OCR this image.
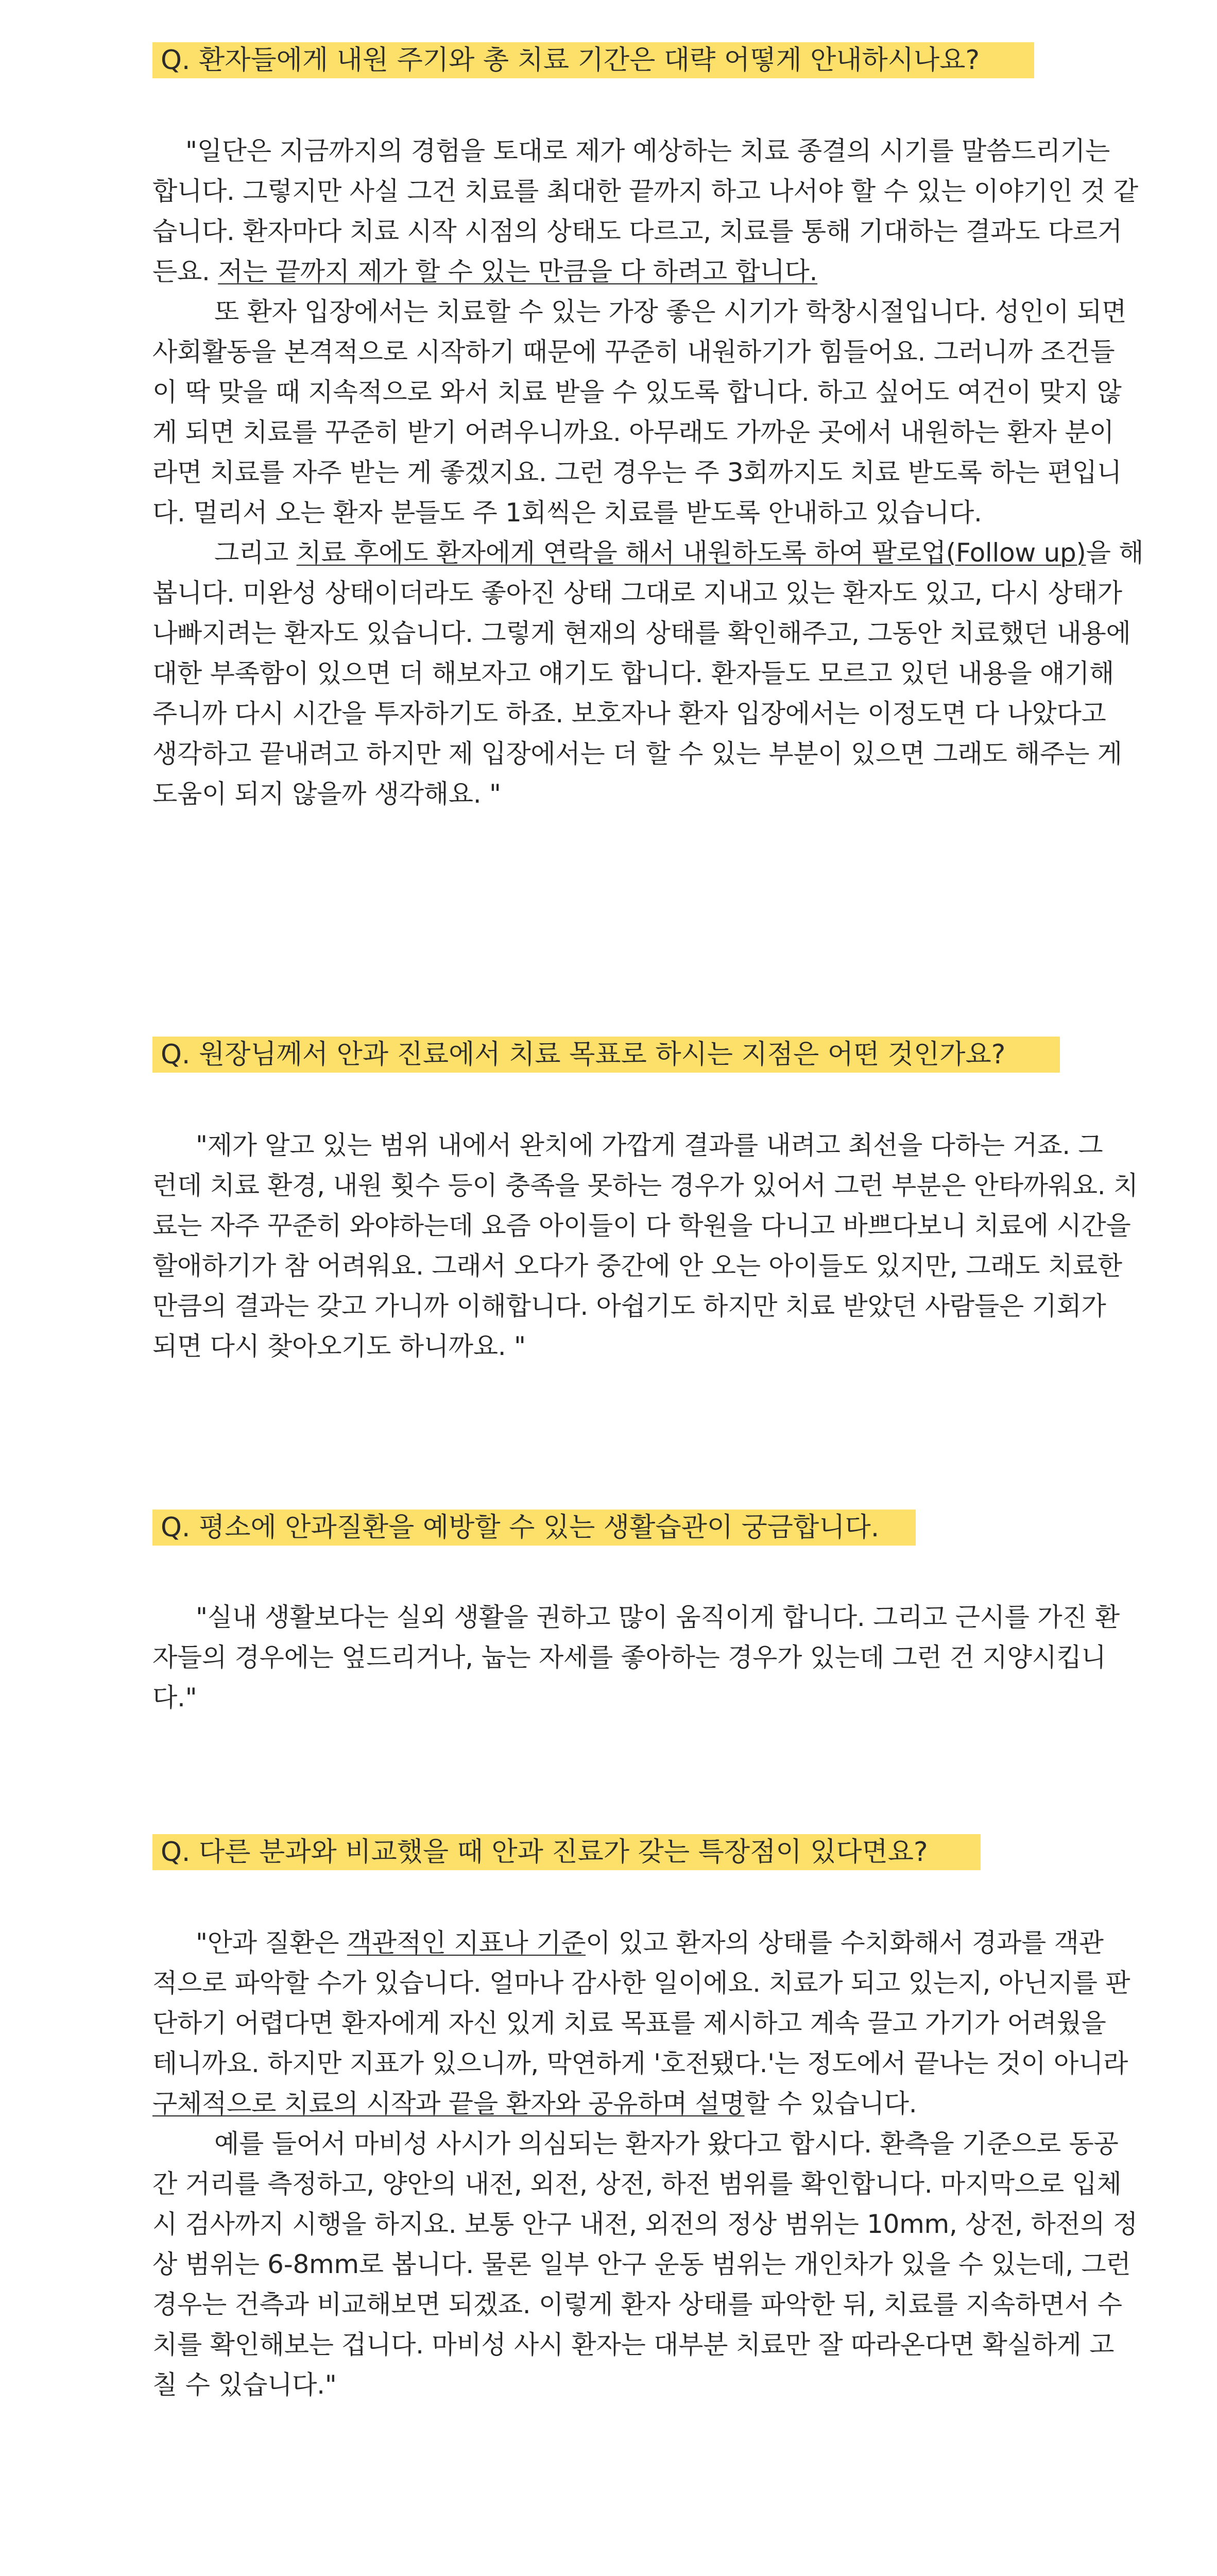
Q. 환자들에게 내원 주기와 총 치료 기간은 대략 어떻게 안내하시나요?
"일단은 지금까지의 경험을 토대로 제가 예상하는 치료 종결의 시기를 말씀드리기는
합니다. 그렇지만 사실 그건 치료를 최대한 끝까지 하고 나서야 할 수 있는 이야기인 것 같
습니다. 환자마다 치료 시작 시점의 상태도 다르고, 치료를 통해 기대하는 결과도 다르거
든요. 저는 끝까지 제가 할 수 있는 만큼을 다 하려고 합니다.
또 환자 입장에서는 치료할 수 있는 가장 좋은 시기가 학창시절입니다. 성인이 되면
사회활동을 본격적으로 시작하기 때문에 꾸준히 내원하기가 힘들어요. 그러니까 조건들
이 딱 맞을 때 지속적으로 와서 치료 받을 수 있도록 합니다. 하고 싶어도 여건이 맞지 않
게 되면 치료를 꾸준히 받기 어려우니까요. 아무래도 가까운 곳에서 내원하는 환자 분이
라면 치료를 자주 받는 게 좋겠지요. 그런 경우는 주 3회까지도 치료 받도록 하는 편입니
다. 멀리서 오는 환자 분들도 주 1회씩은 치료를 받도록 안내하고 있습니다.
그리고 치료 후에도 환자에게 연락을 해서 내원하도록 하여 팔로업(Follow up)을 해
봅니다. 미완성 상태이더라도 좋아진 상태 그대로 지내고 있는 환자도 있고, 다시 상태가
나빠지려는 환자도 있습니다. 그렇게 현재의 상태를 확인해주고, 그동안 치료했던 내용에
대한 부족함이 있으면 더 해보자고 얘기도 합니다. 환자들도 모르고 있던 내용을 얘기해
주니까 다시 시간을 투자하기도 하죠. 보호자나 환자 입장에서는 이정도면 다 나았다고
생각하고 끝내려고 하지만 제 입장에서는 더 할 수 있는 부분이 있으면 그래도 해주는 게
도움이 되지 않을까 생각해요. "
Q. 원장님께서 안과 진료에서 치료 목표로 하시는 지점은 어떤 것인가요?
"제가 알고 있는 범위 내에서 완치에 가깝게 결과를 내려고 최선을 다하는 거죠. 그
런데 치료 환경, 내원 횟수 등이 충족을 못하는 경우가 있어서 그런 부분은 안타까워요. 치
료는 자주 꾸준히 와야하는데 요즘 아이들이 다 학원을 다니고 바쁘다보니 치료에 시간을
할애하기가 참 어려워요. 그래서 오다가 중간에 안 오는 아이들도 있지만, 그래도 치료한
만큼의 결과는 갖고 가니까 이해합니다. 아쉽기도 하지만 치료 받았던 사람들은 기회가
되면 다시 찾아오기도 하니까요. "
Q. 평소에 안과질환을 예방할 수 있는 생활습관이 궁금합니다.
"실내 생활보다는 실외 생활을 권하고 많이 움직이게 합니다. 그리고 근시를 가진 환
자들의 경우에는 엎드리거나, 눕는 자세를 좋아하는 경우가 있는데 그런 건 지양시킵니
다."
Q. 다른 분과와 비교했을 때 안과 진료가 갖는 특장점이 있다면요?
"안과 질환은 객관적인 지표나 기준이 있고 환자의 상태를 수치화해서 경과를 객관
적으로 파악할 수가 있습니다. 얼마나 감사한 일이에요. 치료가 되고 있는지, 아닌지를 판
단하기 어렵다면 환자에게 자신 있게 치료 목표를 제시하고 계속 끌고 가기가 어려웠을
테니까요. 하지만 지표가 있으니까, 막연하게 '호전됐다.'는 정도에서 끝나는 것이 아니라
구체적으로 치료의 시작과 끝을 환자와 공유하며 설명할 수 있습니다.
예를 들어서 마비성 사시가 의심되는 환자가 왔다고 합시다. 환측을 기준으로 동공
간 거리를 측정하고, 양안의 내전, 외전, 상전, 하전 범위를 확인합니다. 마지막으로 입체
시 검사까지 시행을 하지요. 보통 안구 내전, 외전의 정상 범위는 10mm, 상전, 하전의 정
상 범위는 6-8mm로 봅니다. 물론 일부 안구 운동 범위는 개인차가 있을 수 있는데, 그런
경우는 건측과 비교해보면 되겠죠. 이렇게 환자 상태를 파악한 뒤, 치료를 지속하면서 수
치를 확인해보는 겁니다. 마비성 사시 환자는 대부분 치료만 잘 따라온다면 확실하게 고
칠 수 있습니다."
